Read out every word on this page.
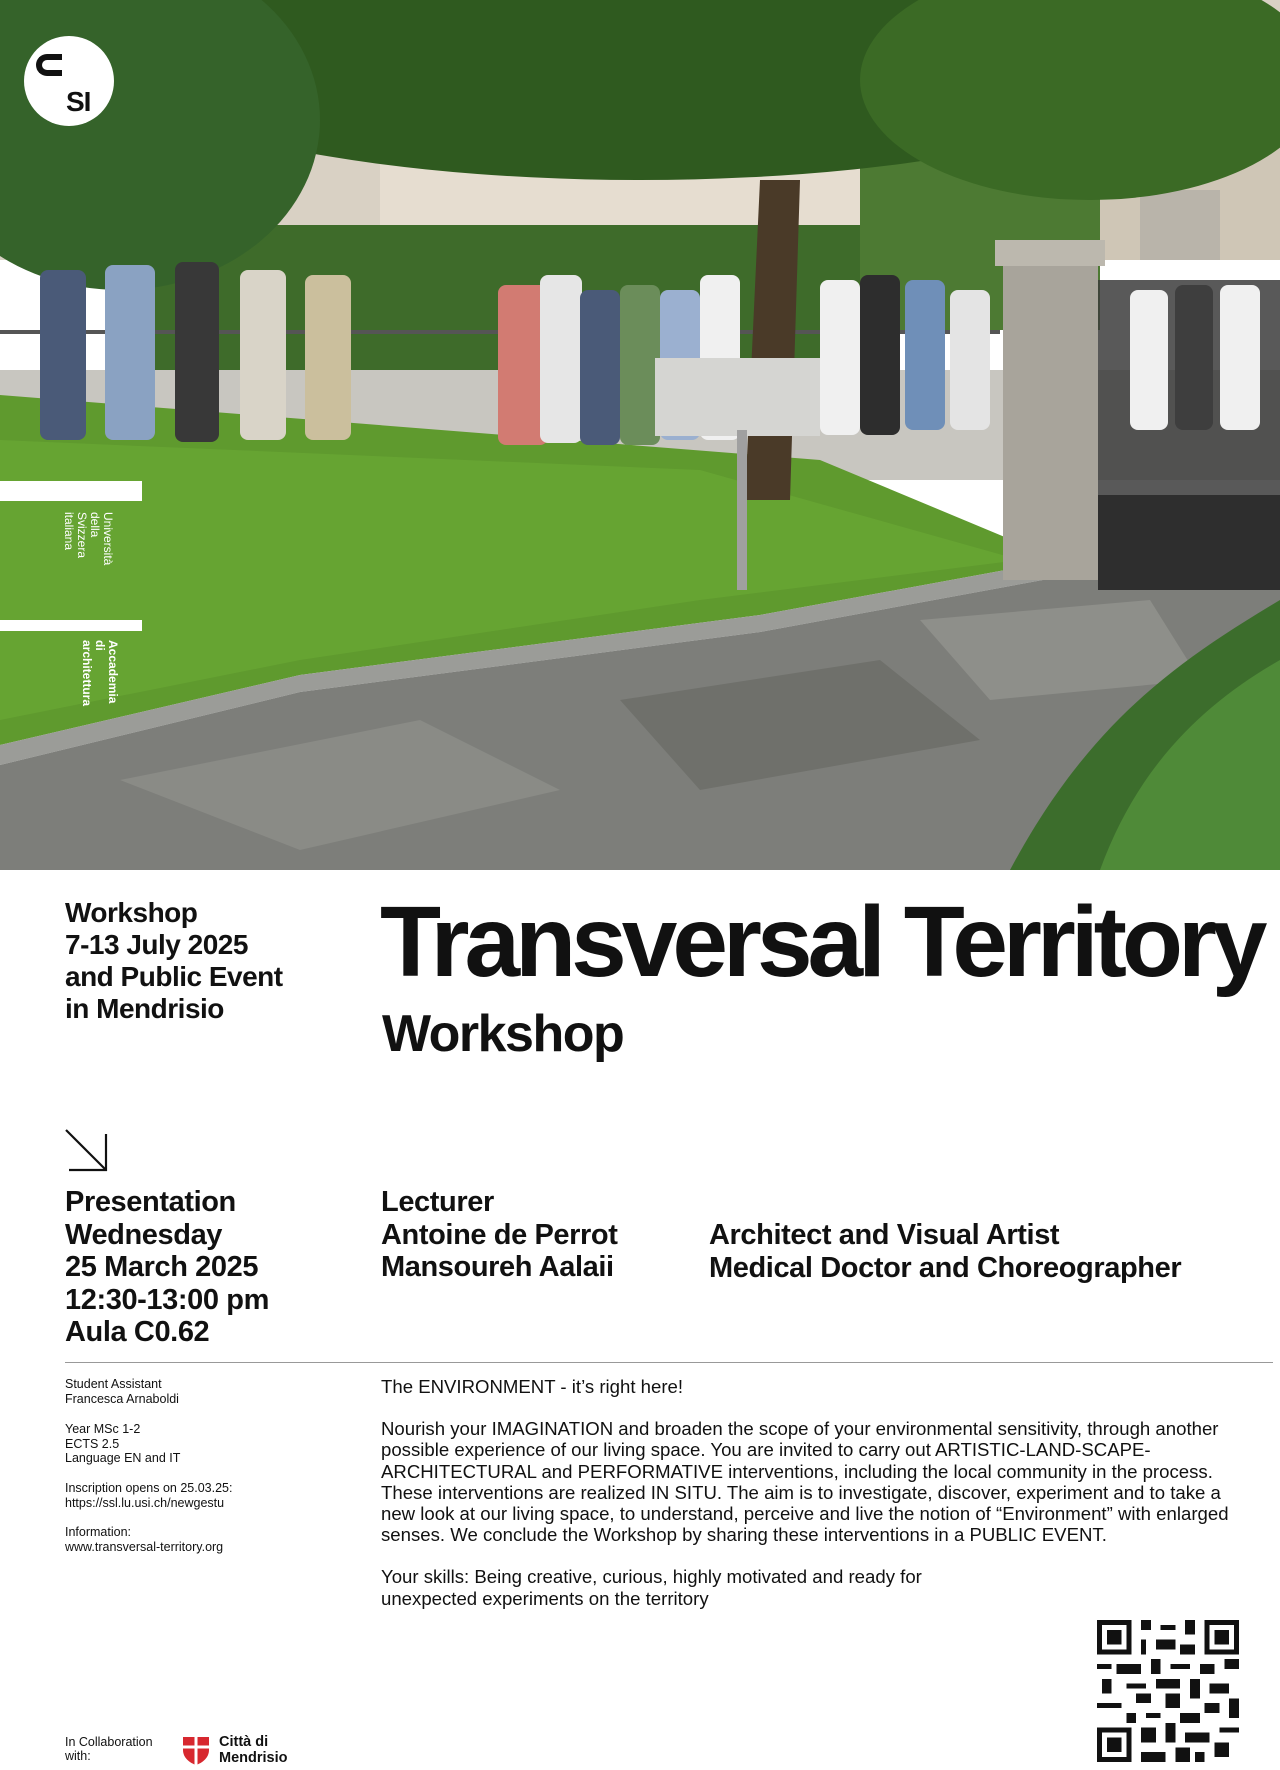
SI
Università
della
Svizzera
italiana
Accademia
di
architettura
Workshop
7-13 July 2025
and Public Event
in Mendrisio
Transversal Territory
Workshop
Presentation
Wednesday
25 March 2025
12:30-13:00 pm
Aula C0.62
Lecturer
Antoine de Perrot
Mansoureh Aalaii
Architect and Visual Artist
Medical Doctor and Choreographer
Student Assistant
Francesca Arnaboldi
Year MSc 1-2
ECTS 2.5
Language EN and IT
Inscription opens on 25.03.25:
https://ssl.lu.usi.ch/newgestu
Information:
www.transversal-territory.org

The ENVIRONMENT - it’s right here!

Nourish your IMAGINATION and broaden the scope of your environmental sensitivity, through another possible experience of our living space. You are invited to carry out ARTISTIC-LAND-SCAPE-ARCHITECTURAL and PERFORMATIVE interventions, including the local community in the process. These interventions are realized IN SITU. The aim is to investigate, discover, experiment and to take a new look at our living space, to understand, perceive and live the notion of “Environment” with enlarged senses. We conclude the Workshop by sharing these interventions in a PUBLIC EVENT.

Your skills: Being creative, curious, highly motivated and ready for unexpected experiments on the territory

In Collaboration with:
Città di
Mendrisio
